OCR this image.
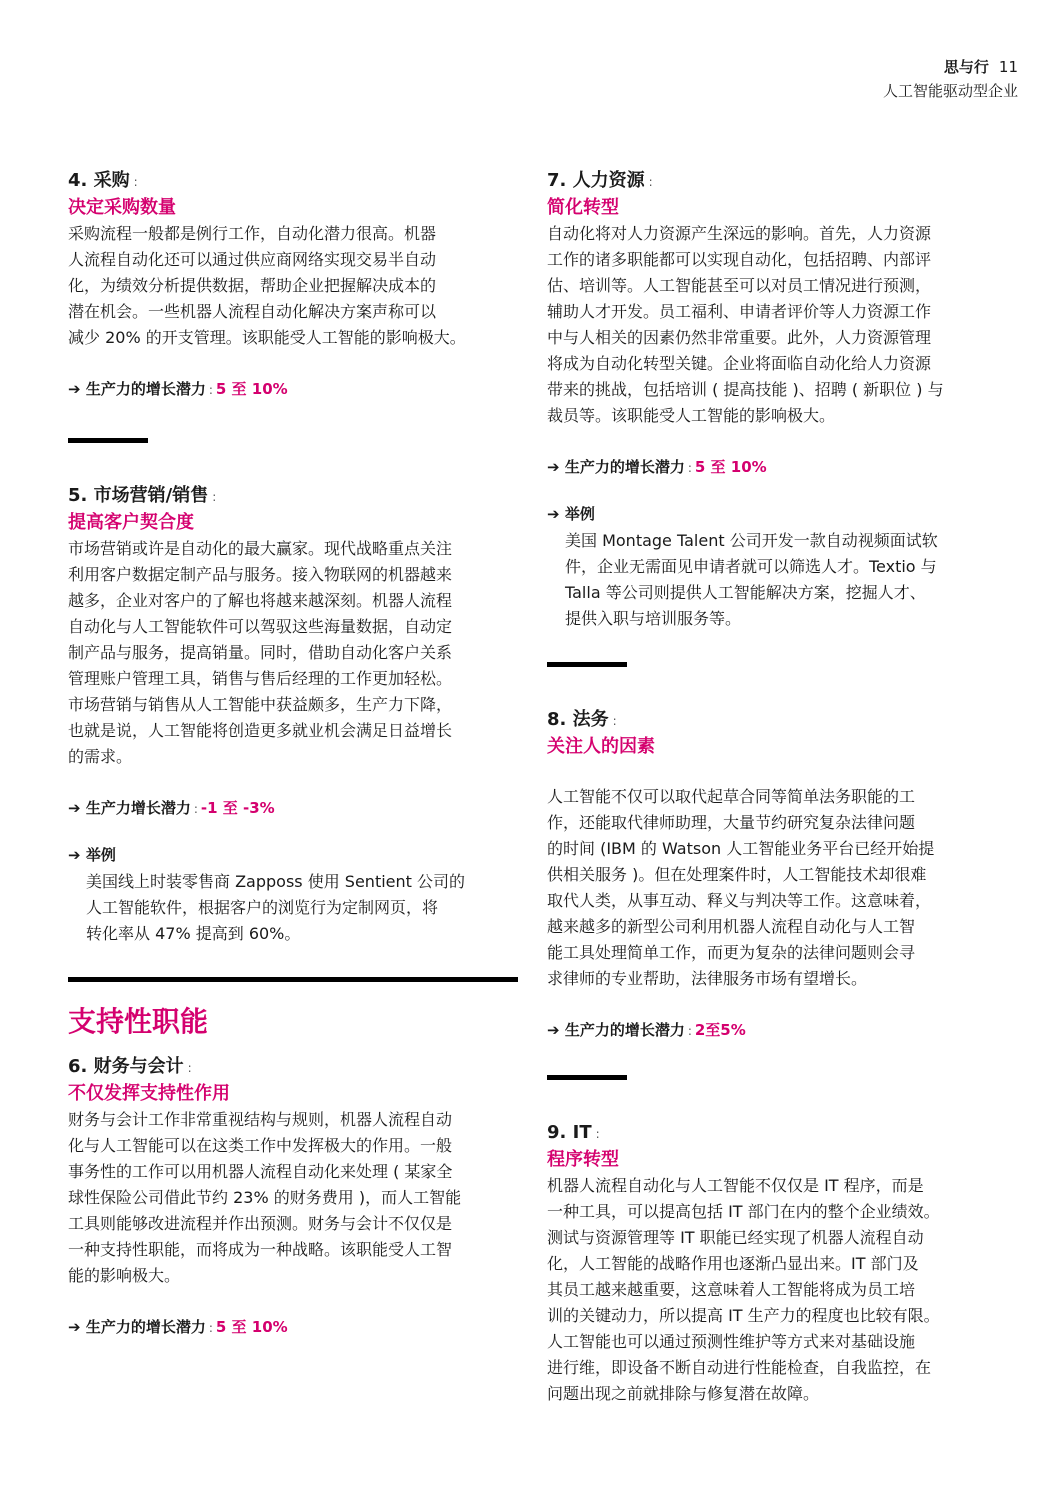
思与行 11
人工智能驱动型企业
4. 采购 :
决定采购数量

采购流程一般都是例行工作，自动化潜力很高。机器
人流程自动化还可以通过供应商网络实现交易半自动
化，为绩效分析提供数据，帮助企业把握解决成本的
潜在机会。一些机器人流程自动化解决方案声称可以
减少 20% 的开支管理。该职能受人工智能的影响极大。

➔ 生产力的增长潜力 : 5 至 10%
5. 市场营销/销售 :
提高客户契合度

市场营销或许是自动化的最大赢家。现代战略重点关注
利用客户数据定制产品与服务。接入物联网的机器越来
越多，企业对客户的了解也将越来越深刻。机器人流程
自动化与人工智能软件可以驾驭这些海量数据，自动定
制产品与服务，提高销量。同时，借助自动化客户关系
管理账户管理工具，销售与售后经理的工作更加轻松。
市场营销与销售从人工智能中获益颇多，生产力下降，
也就是说，人工智能将创造更多就业机会满足日益增长
的需求。

➔ 生产力增长潜力 : -1 至 -3%
➔ 举例

美国线上时装零售商 Zapposs 使用 Sentient 公司的
人工智能软件，根据客户的浏览行为定制网页，将
转化率从 47% 提高到 60%。

支持性职能
6. 财务与会计 :
不仅发挥支持性作用

财务与会计工作非常重视结构与规则，机器人流程自动
化与人工智能可以在这类工作中发挥极大的作用。一般
事务性的工作可以用机器人流程自动化来处理 ( 某家全
球性保险公司借此节约 23% 的财务费用 )，而人工智能
工具则能够改进流程并作出预测。财务与会计不仅仅是
一种支持性职能，而将成为一种战略。该职能受人工智
能的影响极大。

➔ 生产力的增长潜力 : 5 至 10%
7. 人力资源 :
简化转型

自动化将对人力资源产生深远的影响。首先，人力资源
工作的诸多职能都可以实现自动化，包括招聘、内部评
估、培训等。人工智能甚至可以对员工情况进行预测，
辅助人才开发。员工福利、申请者评价等人力资源工作
中与人相关的因素仍然非常重要。此外，人力资源管理
将成为自动化转型关键。企业将面临自动化给人力资源
带来的挑战，包括培训 ( 提高技能 )、招聘 ( 新职位 ) 与
裁员等。该职能受人工智能的影响极大。

➔ 生产力的增长潜力 : 5 至 10%
➔ 举例

美国 Montage Talent 公司开发一款自动视频面试软
件，企业无需面见申请者就可以筛选人才。Textio 与
Talla 等公司则提供人工智能解决方案，挖掘人才、
提供入职与培训服务等。

8. 法务 :
关注人的因素

人工智能不仅可以取代起草合同等简单法务职能的工
作，还能取代律师助理，大量节约研究复杂法律问题
的时间 (IBM 的 Watson 人工智能业务平台已经开始提
供相关服务 )。但在处理案件时，人工智能技术却很难
取代人类，从事互动、释义与判决等工作。这意味着，
越来越多的新型公司利用机器人流程自动化与人工智
能工具处理简单工作，而更为复杂的法律问题则会寻
求律师的专业帮助，法律服务市场有望增长。

➔ 生产力的增长潜力 : 2至5%
9. IT :
程序转型

机器人流程自动化与人工智能不仅仅是 IT 程序，而是
一种工具，可以提高包括 IT 部门在内的整个企业绩效。
测试与资源管理等 IT 职能已经实现了机器人流程自动
化，人工智能的战略作用也逐渐凸显出来。IT 部门及
其员工越来越重要，这意味着人工智能将成为员工培
训的关键动力，所以提高 IT 生产力的程度也比较有限。
人工智能也可以通过预测性维护等方式来对基础设施
进行维，即设备不断自动进行性能检查，自我监控，在
问题出现之前就排除与修复潜在故障。
